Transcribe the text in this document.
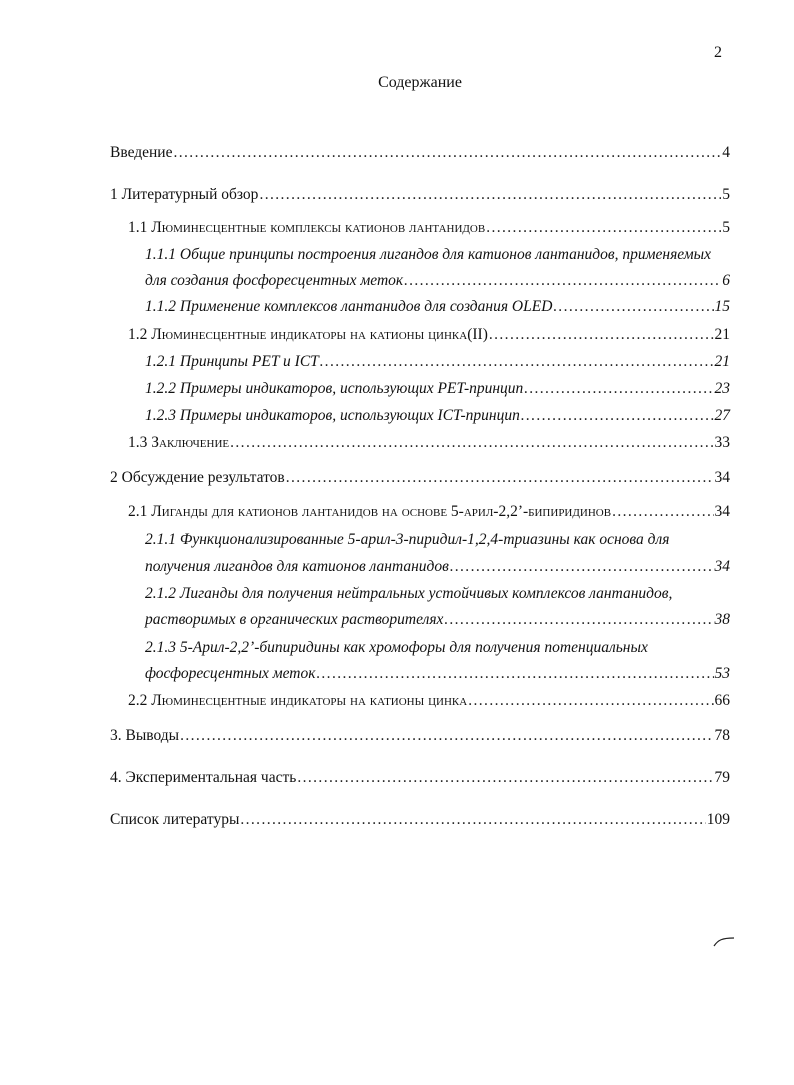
2
Содержание
Введение .....	4
1 Литературный обзор .....	5
1.1 Люминесцентные комплексы катионов лантанидов .....	5
1.1.1 Общие принципы построения лигандов для катионов лантанидов, применяемых
для создания фосфоресцентных меток .....	6
1.1.2 Применение комплексов лантанидов для создания OLED .....	15
1.2 Люминесцентные индикаторы на катионы цинка(II) .....	21
1.2.1 Принципы PET и ICT .....	21
1.2.2 Примеры индикаторов, использующих PET-принцип .....	23
1.2.3 Примеры индикаторов, использующих ICT-принцип .....	27
1.3 Заключение .....	33
2 Обсуждение результатов .....	34
2.1 Лиганды для катионов лантанидов на основе 5-арил-2,2’-бипиридинов .....	34
2.1.1 Функционализированные 5-арил-3-пиридил-1,2,4-триазины как основа для
получения лигандов для катионов лантанидов .....	34
2.1.2 Лиганды для получения нейтральных устойчивых комплексов лантанидов,
растворимых в органических растворителях .....	38
2.1.3 5-Арил-2,2’-бипиридины как хромофоры для получения потенциальных
фосфоресцентных меток .....	53
2.2 Люминесцентные индикаторы на катионы цинка .....	66
3. Выводы .....	78
4. Экспериментальная часть .....	79
Список литературы .....	109
